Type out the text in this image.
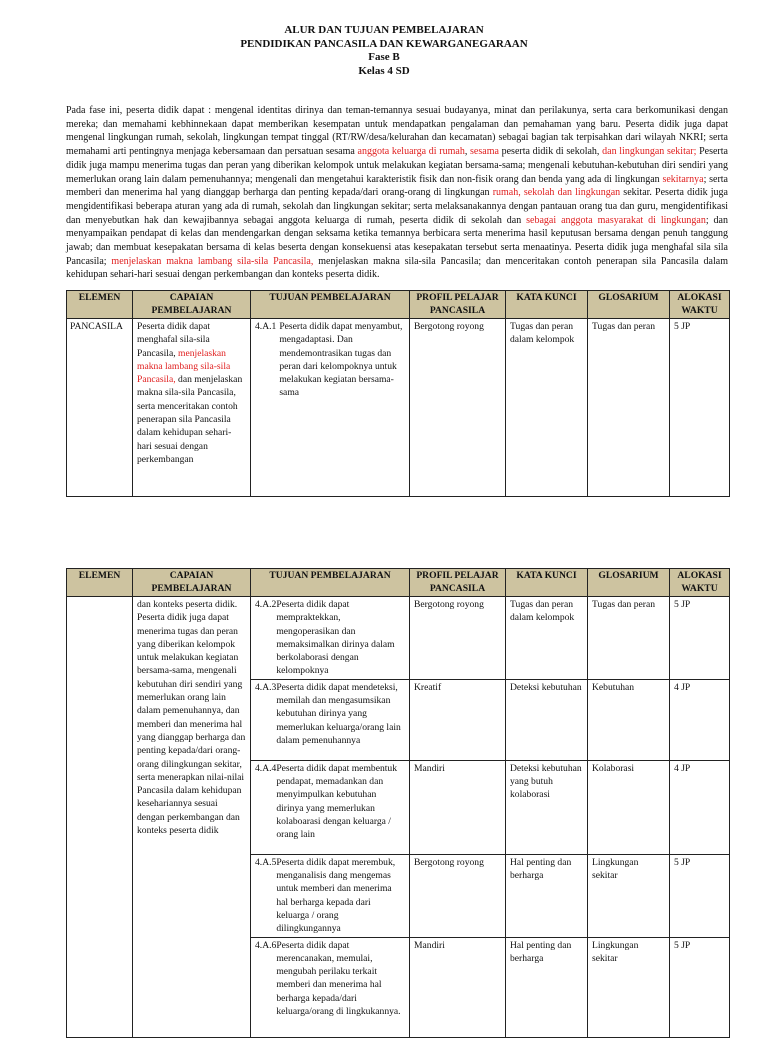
ALUR DAN TUJUAN PEMBELAJARAN
PENDIDIKAN PANCASILA DAN KEWARGANEGARAAN
Fase B
Kelas 4 SD
Pada fase ini, peserta didik dapat : mengenal identitas dirinya dan teman-temannya sesuai budayanya, minat dan perilakunya, serta cara berkomunikasi dengan mereka; dan memahami kebhinnekaan dapat memberikan kesempatan untuk mendapatkan pengalaman dan pemahaman yang baru. Peserta didik juga dapat mengenal lingkungan rumah, sekolah, lingkungan tempat tinggal (RT/RW/desa/kelurahan dan kecamatan) sebagai bagian tak terpisahkan dari wilayah NKRI; serta memahami arti pentingnya menjaga kebersamaan dan persatuan sesama anggota keluarga di rumah, sesama peserta didik di sekolah, dan lingkungan sekitar; Peserta didik juga mampu menerima tugas dan peran yang diberikan kelompok untuk melakukan kegiatan bersama-sama; mengenali kebutuhan-kebutuhan diri sendiri yang memerlukan orang lain dalam pemenuhannya; mengenali dan mengetahui karakteristik fisik dan non-fisik orang dan benda yang ada di lingkungan sekitarnya; serta memberi dan menerima hal yang dianggap berharga dan penting kepada/dari orang-orang di lingkungan rumah, sekolah dan lingkungan sekitar. Peserta didik juga mengidentifikasi beberapa aturan yang ada di rumah, sekolah dan lingkungan sekitar; serta melaksanakannya dengan pantauan orang tua dan guru, mengidentifikasi dan menyebutkan hak dan kewajibannya sebagai anggota keluarga di rumah, peserta didik di sekolah dan sebagai anggota masyarakat di lingkungan; dan menyampaikan pendapat di kelas dan mendengarkan dengan seksama ketika temannya berbicara serta menerima hasil keputusan bersama dengan penuh tanggung jawab; dan membuat kesepakatan bersama di kelas beserta dengan konsekuensi atas kesepakatan tersebut serta menaatinya. Peserta didik juga menghafal sila sila Pancasila; menjelaskan makna lambang sila-sila Pancasila, menjelaskan makna sila-sila Pancasila; dan menceritakan contoh penerapan sila Pancasila dalam kehidupan sehari-hari sesuai dengan perkembangan dan konteks peserta didik.
ELEMEN	CAPAIAN PEMBELAJARAN	TUJUAN PEMBELAJARAN	PROFIL PELAJAR PANCASILA	KATA KUNCI	GLOSARIUM	ALOKASI WAKTU
PANCASILA	Peserta didik dapat menghafal sila-sila Pancasila, menjelaskan makna lambang sila-sila Pancasila, dan menjelaskan makna sila-sila Pancasila, serta menceritakan contoh penerapan sila Pancasila dalam kehidupan sehari-hari sesuai dengan perkembangan	4.A.1 Peserta didik dapat menyambut, mengadaptasi. Dan mendemontrasikan tugas dan peran dari kelompoknya untuk melakukan kegiatan bersama-sama	Bergotong royong	Tugas dan peran dalam kelompok	Tugas dan peran	5 JP
ELEMEN	CAPAIAN PEMBELAJARAN	TUJUAN PEMBELAJARAN	PROFIL PELAJAR PANCASILA	KATA KUNCI	GLOSARIUM	ALOKASI WAKTU
	dan konteks peserta didik. Peserta didik juga dapat menerima tugas dan peran yang diberikan kelompok untuk melakukan kegiatan bersama-sama, mengenali kebutuhan diri sendiri yang memerlukan orang lain dalam pemenuhannya, dan memberi dan menerima hal yang dianggap berharga dan penting kepada/dari orang-orang dilingkungan sekitar, serta menerapkan nilai-nilai Pancasila dalam kehidupan kesehariannya sesuai dengan perkembangan dan konteks peserta didik	4.A.2 Peserta didik dapat mempraktekkan, mengoperasikan dan memaksimalkan dirinya dalam berkolaborasi dengan kelompoknya	Bergotong royong	Tugas dan peran dalam kelompok	Tugas dan peran	5 JP

		4.A.3 Peserta didik dapat mendeteksi, memilah dan mengasumsikan kebutuhan dirinya yang memerlukan keluarga/orang lain dalam pemenuhannya	Kreatif	Deteksi kebutuhan	Kebutuhan	4 JP

		4.A.4 Peserta didik dapat membentuk pendapat, memadankan dan menyimpulkan kebutuhan dirinya yang memerlukan kolaboarasi dengan keluarga / orang lain	Mandiri	Deteksi kebutuhan yang butuh kolaborasi	Kolaborasi	4 JP

		4.A.5 Peserta didik dapat merembuk, menganalisis dang mengemas untuk memberi dan menerima hal berharga kepada dari keluarga / orang dilingkungannya	Bergotong royong	Hal penting dan berharga	Lingkungan sekitar	5 JP

		4.A.6 Peserta didik dapat merencanakan, memulai, mengubah perilaku terkait memberi dan menerima hal berharga kepada/dari keluarga/orang di lingkukannya.	Mandiri	Hal penting dan berharga	Lingkungan sekitar	5 JP
